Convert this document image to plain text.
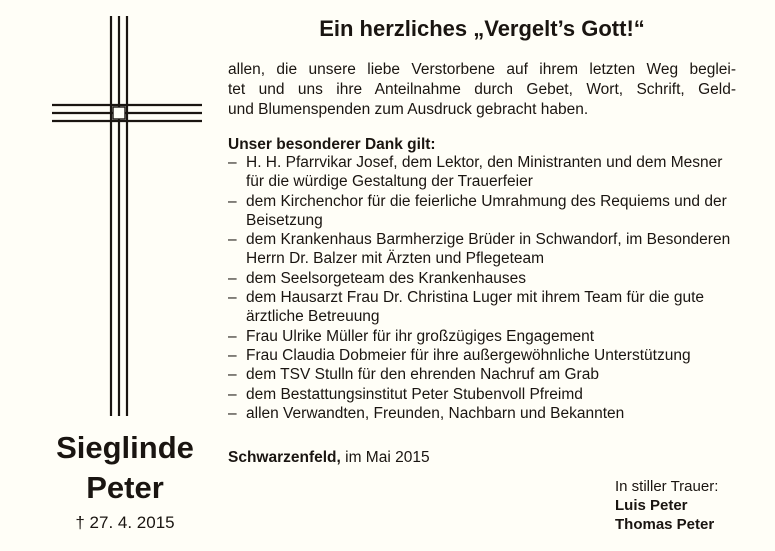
Sieglinde
Peter
† 27. 4. 2015
Ein herzliches „Vergelt’s Gott!“
allen, die unsere liebe Verstorbene auf ihrem letzten Weg beglei-
tet und uns ihre Anteilnahme durch Gebet, Wort, Schrift, Geld-
und Blumenspenden zum Ausdruck gebracht haben.
Unser besonderer Dank gilt:
– H. H. Pfarrvikar Josef, dem Lektor, den Ministranten und dem Mesner für die würdige Gestaltung der Trauerfeier
– dem Kirchenchor für die feierliche Umrahmung des Requiems und der Beisetzung
– dem Krankenhaus Barmherzige Brüder in Schwandorf, im Besonderen Herrn Dr. Balzer mit Ärzten und Pflegeteam
– dem Seelsorgeteam des Krankenhauses
– dem Hausarzt Frau Dr. Christina Luger mit ihrem Team für die gute ärztliche Betreuung
– Frau Ulrike Müller für ihr großzügiges Engagement
– Frau Claudia Dobmeier für ihre außergewöhnliche Unterstützung
– dem TSV Stulln für den ehrenden Nachruf am Grab
– dem Bestattungsinstitut Peter Stubenvoll Pfreimd
– allen Verwandten, Freunden, Nachbarn und Bekannten
Schwarzenfeld, im Mai 2015
In stiller Trauer:
Luis Peter
Thomas Peter
